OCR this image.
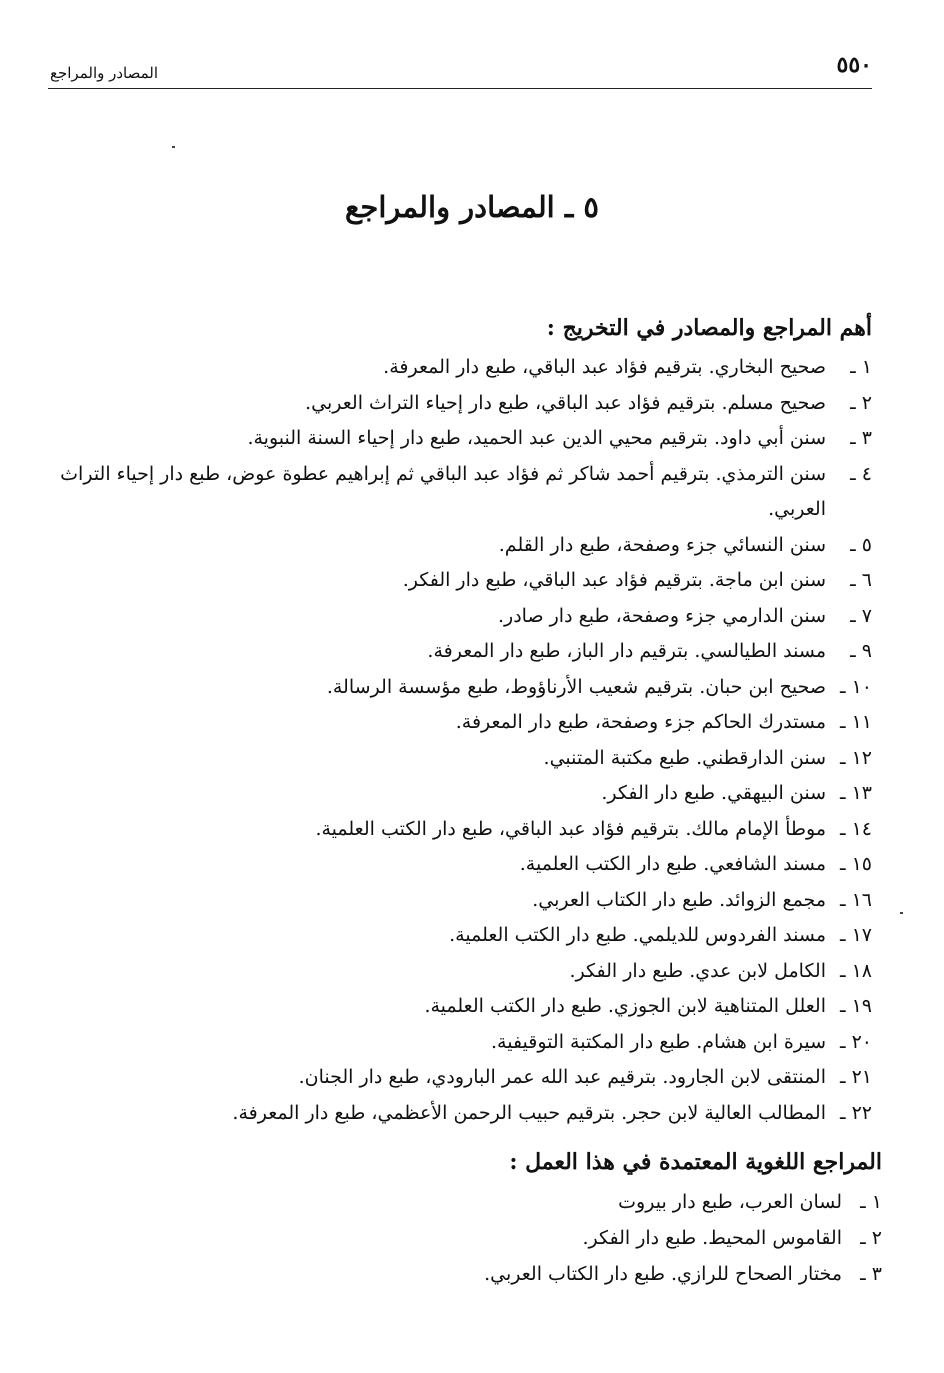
المصادر والمراجع	٥٥٠
٥ ـ المصادر والمراجع
أهم المراجع والمصادر في التخريج :
١ ـ
صحيح البخاري. بترقيم فؤاد عبد الباقي، طبع دار المعرفة.
٢ ـ
صحيح مسلم. بترقيم فؤاد عبد الباقي، طبع دار إحياء التراث العربي.
٣ ـ
سنن أبي داود. بترقيم محيي الدين عبد الحميد، طبع دار إحياء السنة النبوية.
٤ ـ
سنن الترمذي. بترقيم أحمد شاكر ثم فؤاد عبد الباقي ثم إبراهيم عطوة عوض، طبع دار إحياء التراث العربي.
٥ ـ
سنن النسائي جزء وصفحة، طبع دار القلم.
٦ ـ
سنن ابن ماجة. بترقيم فؤاد عبد الباقي، طبع دار الفكر.
٧ ـ
سنن الدارمي جزء وصفحة، طبع دار صادر.
٩ ـ
مسند الطيالسي. بترقيم دار الباز، طبع دار المعرفة.
١٠ ـ
صحيح ابن حبان. بترقيم شعيب الأرناؤوط، طبع مؤسسة الرسالة.
١١ ـ
مستدرك الحاكم جزء وصفحة، طبع دار المعرفة.
١٢ ـ
سنن الدارقطني. طبع مكتبة المتنبي.
١٣ ـ
سنن البيهقي. طبع دار الفكر.
١٤ ـ
موطأ الإمام مالك. بترقيم فؤاد عبد الباقي، طبع دار الكتب العلمية.
١٥ ـ
مسند الشافعي. طبع دار الكتب العلمية.
١٦ ـ
مجمع الزوائد. طبع دار الكتاب العربي.
١٧ ـ
مسند الفردوس للديلمي. طبع دار الكتب العلمية.
١٨ ـ
الكامل لابن عدي. طبع دار الفكر.
١٩ ـ
العلل المتناهية لابن الجوزي. طبع دار الكتب العلمية.
٢٠ ـ
سيرة ابن هشام. طبع دار المكتبة التوقيفية.
٢١ ـ
المنتقى لابن الجارود. بترقيم عبد الله عمر البارودي، طبع دار الجنان.
٢٢ ـ
المطالب العالية لابن حجر. بترقيم حبيب الرحمن الأعظمي، طبع دار المعرفة.
المراجع اللغوية المعتمدة في هذا العمل :
١ ـ
لسان العرب، طبع دار بيروت
٢ ـ
القاموس المحيط. طبع دار الفكر.
٣ ـ
مختار الصحاح للرازي. طبع دار الكتاب العربي.
